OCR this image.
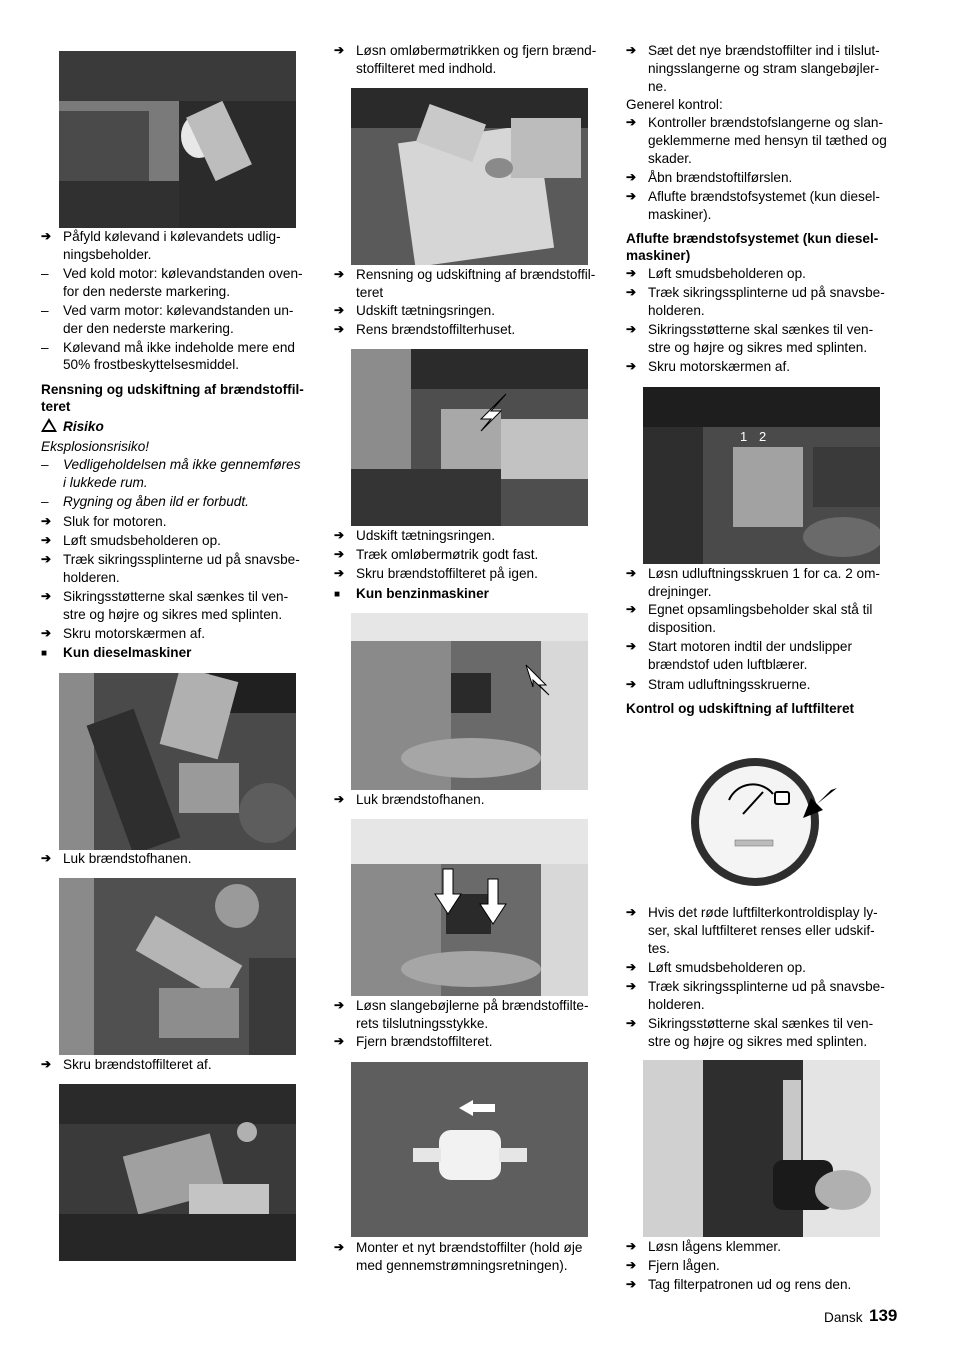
➔ Påfyld kølevand i kølevandets udlig-
ningsbeholder.
– Ved kold motor: kølevandstanden oven-
for den nederste markering.
– Ved varm motor: kølevandstanden un-
der den nederste markering.
– Kølevand må ikke indeholde mere end
50% frostbeskyttelsesmiddel.
Rensning og udskiftning af brændstoffil-
teret
Risiko
Eksplosionsrisiko!
– Vedligeholdelsen må ikke gennemføres
i lukkede rum.
– Rygning og åben ild er forbudt.
➔ Sluk for motoren.
➔ Løft smudsbeholderen op.
➔ Træk sikringssplinterne ud på snavsbe-
holderen.
➔ Sikringsstøtterne skal sænkes til ven-
stre og højre og sikres med splinten.
➔ Skru motorskærmen af.
■ Kun dieselmaskiner
➔ Luk brændstofhanen.
➔ Skru brændstoffilteret af.
➔ Løsn omløbermøtrikken og fjern brænd-
stoffilteret med indhold.
➔ Rensning og udskiftning af brændstoffil-
teret
➔ Udskift tætningsringen.
➔ Rens brændstoffilterhuset.
➔ Udskift tætningsringen.
➔ Træk omløbermøtrik godt fast.
➔ Skru brændstoffilteret på igen.
■ Kun benzinmaskiner
➔ Luk brændstofhanen.
➔ Løsn slangebøjlerne på brændstoffilte-
rets tilslutningsstykke.
➔ Fjern brændstoffilteret.
➔ Monter et nyt brændstoffilter (hold øje
med gennemstrømningsretningen).
➔ Sæt det nye brændstoffilter ind i tilslut-
ningsslangerne og stram slangebøjler-
ne.
Generel kontrol:
➔ Kontroller brændstofslangerne og slan-
geklemmerne med hensyn til tæthed og
skader.
➔ Åbn brændstoftilførslen.
➔ Aflufte brændstofsystemet (kun diesel-
maskiner).
Aflufte brændstofsystemet (kun diesel-
maskiner)
➔ Løft smudsbeholderen op.
➔ Træk sikringssplinterne ud på snavsbe-
holderen.
➔ Sikringsstøtterne skal sænkes til ven-
stre og højre og sikres med splinten.
➔ Skru motorskærmen af.
1 2
➔ Løsn udluftningsskruen 1 for ca. 2 om-
drejninger.
➔ Egnet opsamlingsbeholder skal stå til
disposition.
➔ Start motoren indtil der undslipper
brændstof uden luftblærer.
➔ Stram udluftningsskruerne.
Kontrol og udskiftning af luftfilteret
➔ Hvis det røde luftfilterkontroldisplay ly-
ser, skal luftfilteret renses eller udskif-
tes.
➔ Løft smudsbeholderen op.
➔ Træk sikringssplinterne ud på snavsbe-
holderen.
➔ Sikringsstøtterne skal sænkes til ven-
stre og højre og sikres med splinten.
➔ Løsn lågens klemmer.
➔ Fjern lågen.
➔ Tag filterpatronen ud og rens den.
Dansk 139
